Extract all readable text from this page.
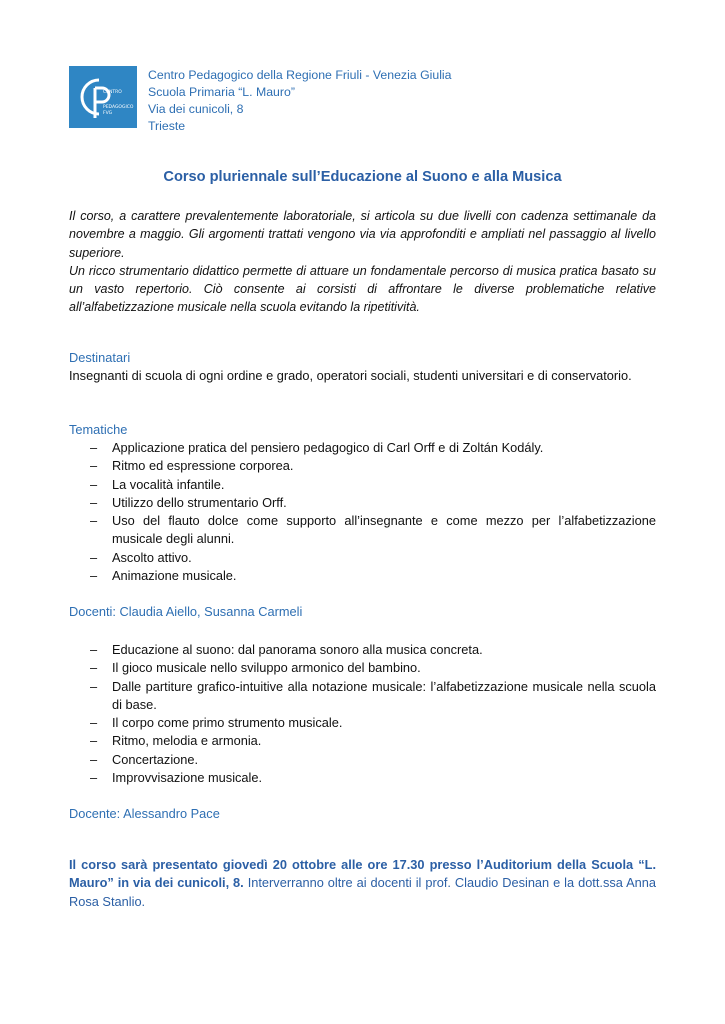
CENTRO
PEDAGOGICO
FVG
Centro Pedagogico della Regione Friuli - Venezia Giulia
Scuola Primaria “L. Mauro”
Via dei cunicoli, 8
Trieste
Corso pluriennale sull’Educazione al Suono e alla Musica

Il corso, a carattere prevalentemente laboratoriale, si articola su due livelli con cadenza settimanale da novembre a maggio. Gli argomenti trattati vengono via via approfonditi e ampliati nel passaggio al livello superiore.

Un ricco strumentario didattico permette di attuare un fondamentale percorso di musica pratica basato su un vasto repertorio. Ciò consente ai corsisti di affrontare le diverse problematiche relative all’alfabetizzazione musicale nella scuola evitando la ripetitività.

Destinatari

Insegnanti di scuola di ogni ordine e grado, operatori sociali, studenti universitari e di conservatorio.

Tematiche
– Applicazione pratica del pensiero pedagogico di Carl Orff e di Zoltán Kodály.
– Ritmo ed espressione corporea.
– La vocalità infantile.
– Utilizzo dello strumentario Orff.
– Uso del flauto dolce come supporto all’insegnante e come mezzo per l’alfabetizzazione musicale degli alunni.
– Ascolto attivo.
– Animazione musicale.
Docenti: Claudia Aiello, Susanna Carmeli
– Educazione al suono: dal panorama sonoro alla musica concreta.
– Il gioco musicale nello sviluppo armonico del bambino.
– Dalle partiture grafico-intuitive alla notazione musicale: l’alfabetizzazione musicale nella scuola di base.
– Il corpo come primo strumento musicale.
– Ritmo, melodia e armonia.
– Concertazione.
– Improvvisazione musicale.
Docente: Alessandro Pace

Il corso sarà presentato giovedì 20 ottobre alle ore 17.30 presso l’Auditorium della Scuola “L. Mauro” in via dei cunicoli, 8. Interverranno oltre ai docenti il prof. Claudio Desinan e la dott.ssa Anna Rosa Stanlio.
